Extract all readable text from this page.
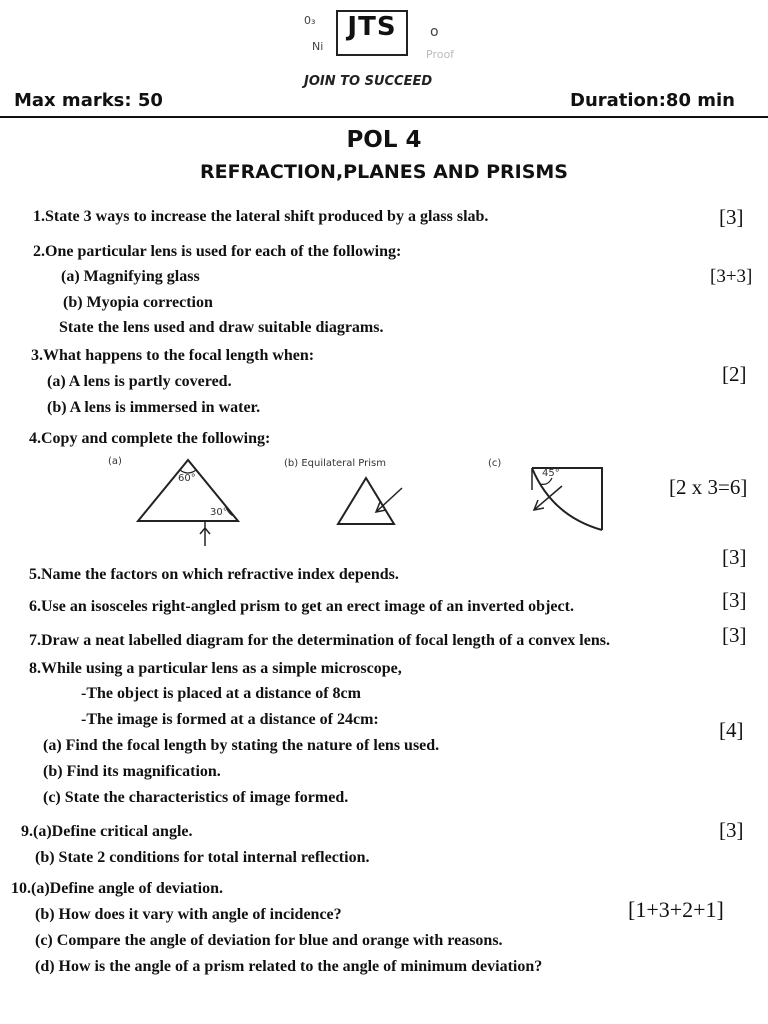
0₃
Ni
o
Proof
JTS
JOIN TO SUCCEED
Max marks: 50	Duration:80 min
POL 4
REFRACTION,PLANES AND PRISMS
1.State 3 ways to increase the lateral shift produced by a glass slab.	[3]
2.One particular lens is used for each of the following:
(a) Magnifying glass
(b) Myopia correction
State the lens used and draw suitable diagrams.
[3+3]
3.What happens to the focal length when:
(a) A lens is partly covered.
(b) A lens is immersed in water.
[2]
4.Copy and complete the following:
(a)
60°
30°
(b) Equilateral Prism	(c)
45°
[2 x 3=6]
5.Name the factors on which refractive index depends.
[3]
6.Use an isosceles right-angled prism to get an erect image of an inverted object.	[3]
7.Draw a neat labelled diagram for the determination of focal length of a convex lens.	[3]
8.While using a particular lens as a simple microscope,
-The object is placed at a distance of 8cm
-The image is formed at a distance of 24cm:
(a) Find the focal length by stating the nature of lens used.
(b) Find its magnification.
(c) State the characteristics of image formed.
[4]
9.(a)Define critical angle.
(b) State 2 conditions for total internal reflection.
[3]
10.(a)Define angle of deviation.
(b) How does it vary with angle of incidence?
(c) Compare the angle of deviation for blue and orange with reasons.
(d) How is the angle of a prism related to the angle of minimum deviation?
[1+3+2+1]
